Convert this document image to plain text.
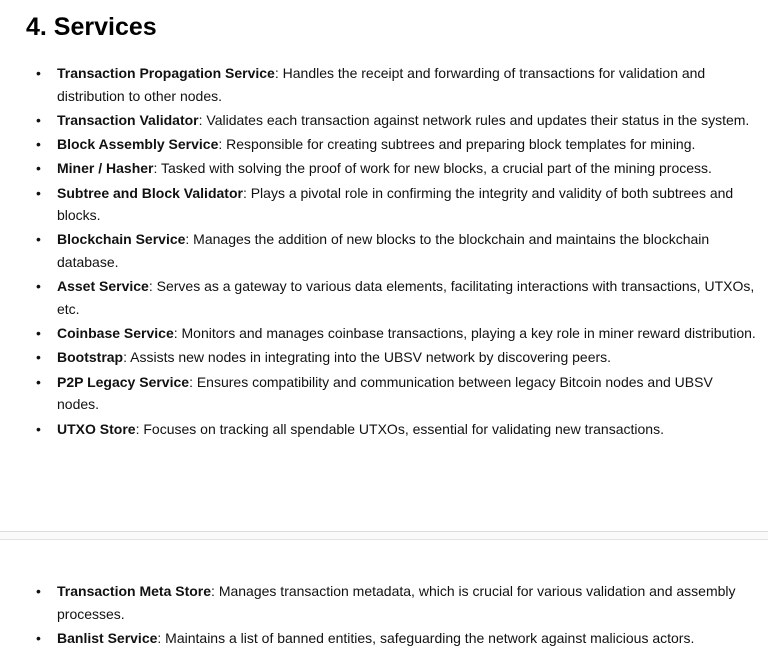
4. Services
• Transaction Propagation Service: Handles the receipt and forwarding of transactions for validation and distribution to other nodes.
• Transaction Validator: Validates each transaction against network rules and updates their status in the system.
• Block Assembly Service: Responsible for creating subtrees and preparing block templates for mining.
• Miner / Hasher: Tasked with solving the proof of work for new blocks, a crucial part of the mining process.
• Subtree and Block Validator: Plays a pivotal role in confirming the integrity and validity of both subtrees and blocks.
• Blockchain Service: Manages the addition of new blocks to the blockchain and maintains the blockchain database.
• Asset Service: Serves as a gateway to various data elements, facilitating interactions with transactions, UTXOs, etc.
• Coinbase Service: Monitors and manages coinbase transactions, playing a key role in miner reward distribution.
• Bootstrap: Assists new nodes in integrating into the UBSV network by discovering peers.
• P2P Legacy Service: Ensures compatibility and communication between legacy Bitcoin nodes and UBSV nodes.
• UTXO Store: Focuses on tracking all spendable UTXOs, essential for validating new transactions.
• Transaction Meta Store: Manages transaction metadata, which is crucial for various validation and assembly processes.
• Banlist Service: Maintains a list of banned entities, safeguarding the network against malicious actors.
